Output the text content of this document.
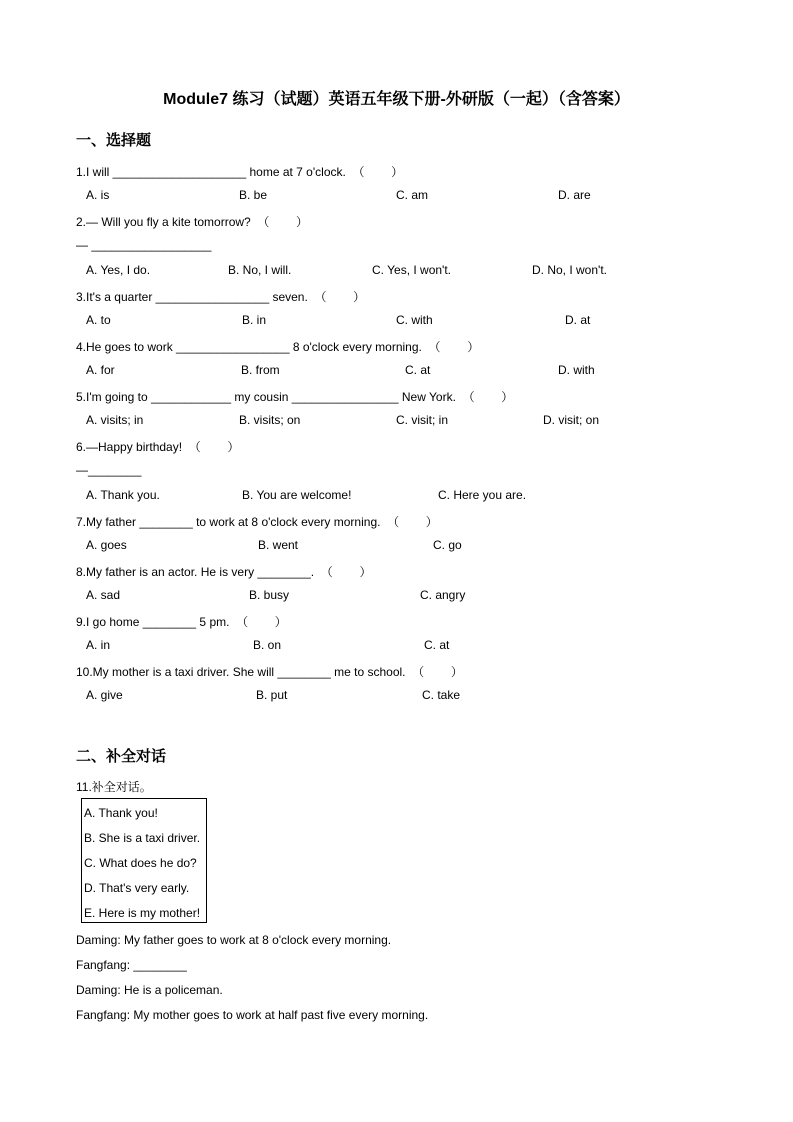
Module7 练习（试题）英语五年级下册-外研版（一起）（含答案）
一、选择题
1.I will ____________________ home at 7 o'clock.  （        ）
A. is	B. be	C. am	D. are
2.— Will you fly a kite tomorrow?  （        ）
— __________________
A. Yes, I do.	B. No, I will.	C. Yes, I won't.	D. No, I won't.
3.It's a quarter _________________ seven.  （        ）
A. to	B. in	C. with	D. at
4.He goes to work _________________ 8 o'clock every morning.  （        ）
A. for	B. from	C. at	D. with
5.I'm going to ____________ my cousin ________________ New York.  （        ）
A. visits; in	B. visits; on	C. visit; in	D. visit; on
6.—Happy birthday!  （        ）
—________
A. Thank you.	B. You are welcome!	C. Here you are.
7.My father ________ to work at 8 o'clock every morning.  （        ）
A. goes	B. went	C. go
8.My father is an actor. He is very ________.  （        ）
A. sad	B. busy	C. angry
9.I go home ________ 5 pm.  （        ）
A. in	B. on	C. at
10.My mother is a taxi driver. She will ________ me to school.  （        ）
A. give	B. put	C. take
二、补全对话
11.补全对话。
A. Thank you!
B. She is a taxi driver.
C. What does he do?
D. That's very early.
E. Here is my mother!
Daming: My father goes to work at 8 o'clock every morning.
Fangfang: ________
Daming: He is a policeman.
Fangfang: My mother goes to work at half past five every morning.
